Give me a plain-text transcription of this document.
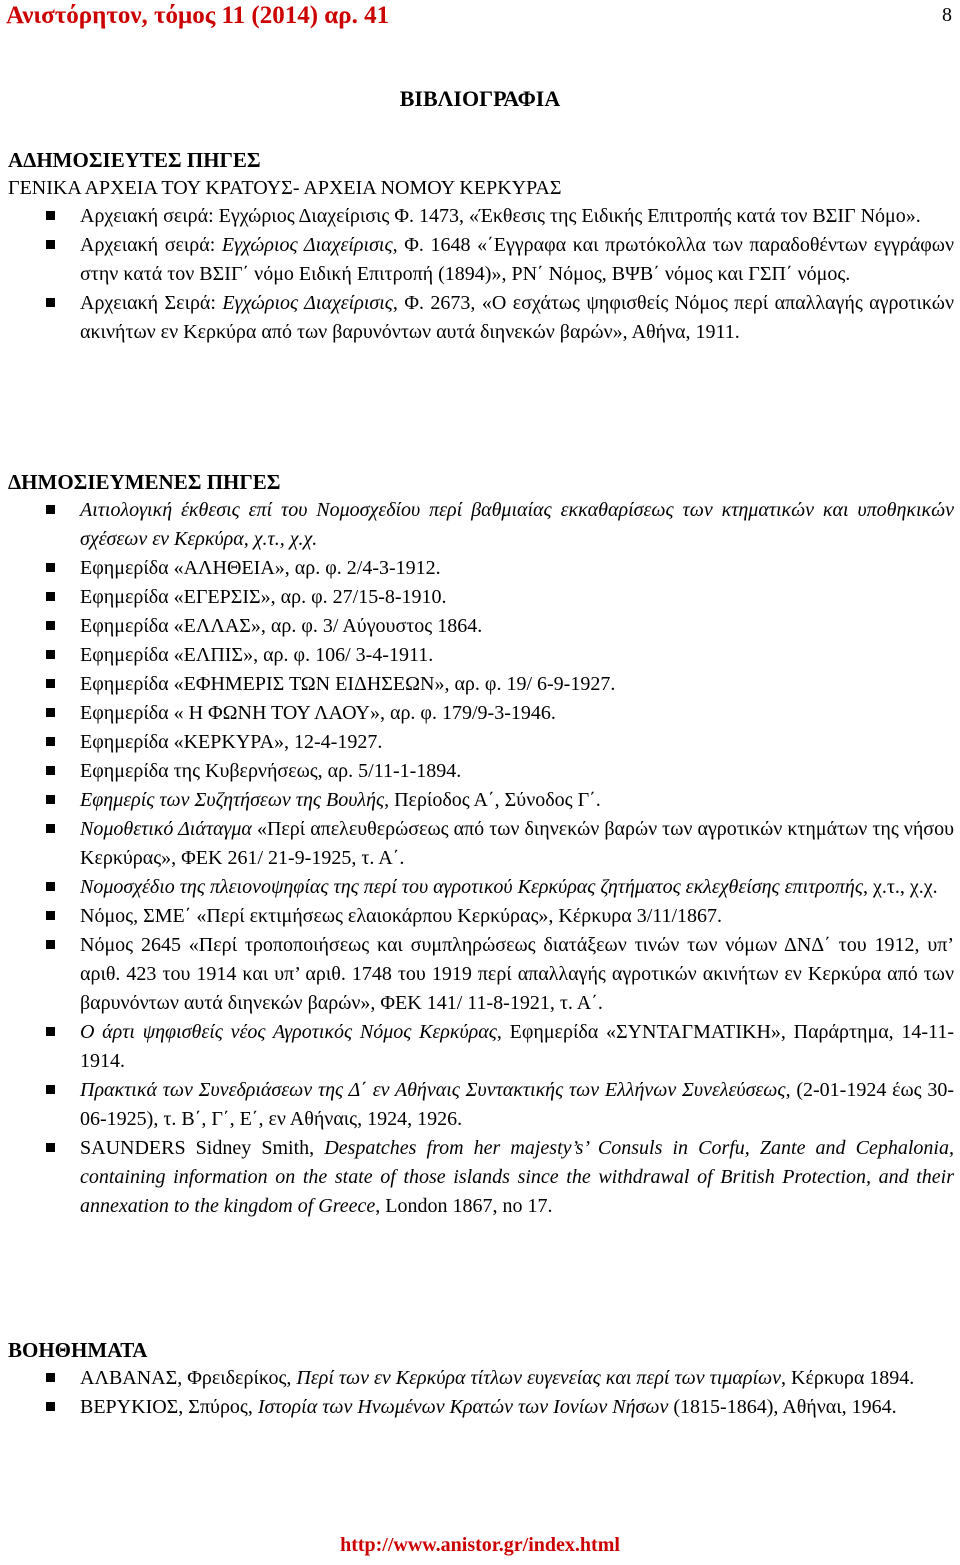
Ανιστόρητον, τόμος 11 (2014) αρ. 41	8
ΒΙΒΛΙΟΓΡΑΦΙΑ
ΑΔΗΜΟΣΙΕΥΤΕΣ ΠΗΓΕΣ
ΓΕΝΙΚΑ ΑΡΧΕΙΑ ΤΟΥ ΚΡΑΤΟΥΣ- ΑΡΧΕΙΑ ΝΟΜΟΥ ΚΕΡΚΥΡΑΣ
Αρχειακή σειρά: Εγχώριος Διαχείρισις Φ. 1473, «Έκθεσις της Ειδικής Επιτροπής κατά τον ΒΣΙΓ Νόμο».
Αρχειακή σειρά: Εγχώριος Διαχείρισις, Φ. 1648 «΄Εγγραφα και πρωτόκολλα των παραδοθέντων εγγράφων στην κατά τον ΒΣΙΓ΄ νόμο Ειδική Επιτροπή (1894)», ΡΝ΄ Νόμος, ΒΨΒ΄ νόμος και ΓΣΠ΄ νόμος.
Αρχειακή Σειρά: Εγχώριος Διαχείρισις, Φ. 2673, «Ο εσχάτως ψηφισθείς Νόμος περί απαλλαγής αγροτικών ακινήτων εν Κερκύρα από των βαρυνόντων αυτά διηνεκών βαρών», Αθήνα, 1911.
ΔΗΜΟΣΙΕΥΜΕΝΕΣ ΠΗΓΕΣ
Αιτιολογική έκθεσις επί του Νομοσχεδίου περί βαθμιαίας εκκαθαρίσεως των κτηματικών και υποθηκικών σχέσεων εν Κερκύρα, χ.τ., χ.χ.
Εφημερίδα «ΑΛΗΘΕΙΑ», αρ. φ. 2/4-3-1912.
Εφημερίδα «ΕΓΕΡΣΙΣ», αρ. φ. 27/15-8-1910.
Εφημερίδα «ΕΛΛΑΣ», αρ. φ. 3/ Αύγουστος 1864.
Εφημερίδα «ΕΛΠΙΣ», αρ. φ. 106/ 3-4-1911.
Εφημερίδα «ΕΦΗΜΕΡΙΣ ΤΩΝ ΕΙΔΗΣΕΩΝ», αρ. φ. 19/ 6-9-1927.
Εφημερίδα « Η ΦΩΝΗ ΤΟΥ ΛΑΟΥ», αρ. φ. 179/9-3-1946.
Εφημερίδα «ΚΕΡΚΥΡΑ», 12-4-1927.
Εφημερίδα της Κυβερνήσεως, αρ. 5/11-1-1894.
Εφημερίς των Συζητήσεων της Βουλής, Περίοδος Α΄, Σύνοδος Γ΄.
Νομοθετικό Διάταγμα «Περί απελευθερώσεως από των διηνεκών βαρών των αγροτικών κτημάτων της νήσου Κερκύρας», ΦΕΚ 261/ 21-9-1925, τ. Α΄.
Νομοσχέδιο της πλειονοψηφίας της περί του αγροτικού Κερκύρας ζητήματος εκλεχθείσης επιτροπής, χ.τ., χ.χ.
Νόμος, ΣΜΕ΄ «Περί εκτιμήσεως ελαιοκάρπου Κερκύρας», Κέρκυρα 3/11/1867.
Νόμος 2645 «Περί τροποποιήσεως και συμπληρώσεως διατάξεων τινών των νόμων ΔΝΔ΄ του 1912, υπ’ αριθ. 423 του 1914 και υπ’ αριθ. 1748 του 1919 περί απαλλαγής αγροτικών ακινήτων εν Κερκύρα από των βαρυνόντων αυτά διηνεκών βαρών», ΦΕΚ 141/ 11-8-1921, τ. Α΄.
Ο άρτι ψηφισθείς νέος Αγροτικός Νόμος Κερκύρας, Εφημερίδα «ΣΥΝΤΑΓΜΑΤΙΚΗ», Παράρτημα, 14-11-1914.
Πρακτικά των Συνεδριάσεων της Δ΄ εν Αθήναις Συντακτικής των Ελλήνων Συνελεύσεως, (2-01-1924 έως 30-06-1925), τ. Β΄, Γ΄, Ε΄, εν Αθήναις, 1924, 1926.
SAUNDERS Sidney Smith, Despatches from her majesty’s’ Consuls in Corfu, Zante and Cephalonia, containing information on the state of those islands since the withdrawal of British Protection, and their annexation to the kingdom of Greece, London 1867, no 17.
ΒΟΗΘΗΜΑΤΑ
ΑΛΒΑΝΑΣ, Φρειδερίκος, Περί των εν Κερκύρα τίτλων ευγενείας και περί των τιμαρίων, Κέρκυρα 1894.
ΒΕΡΥΚΙΟΣ, Σπύρος, Ιστορία των Ηνωμένων Κρατών των Ιονίων Νήσων (1815-1864), Αθήναι, 1964.
http://www.anistor.gr/index.html
